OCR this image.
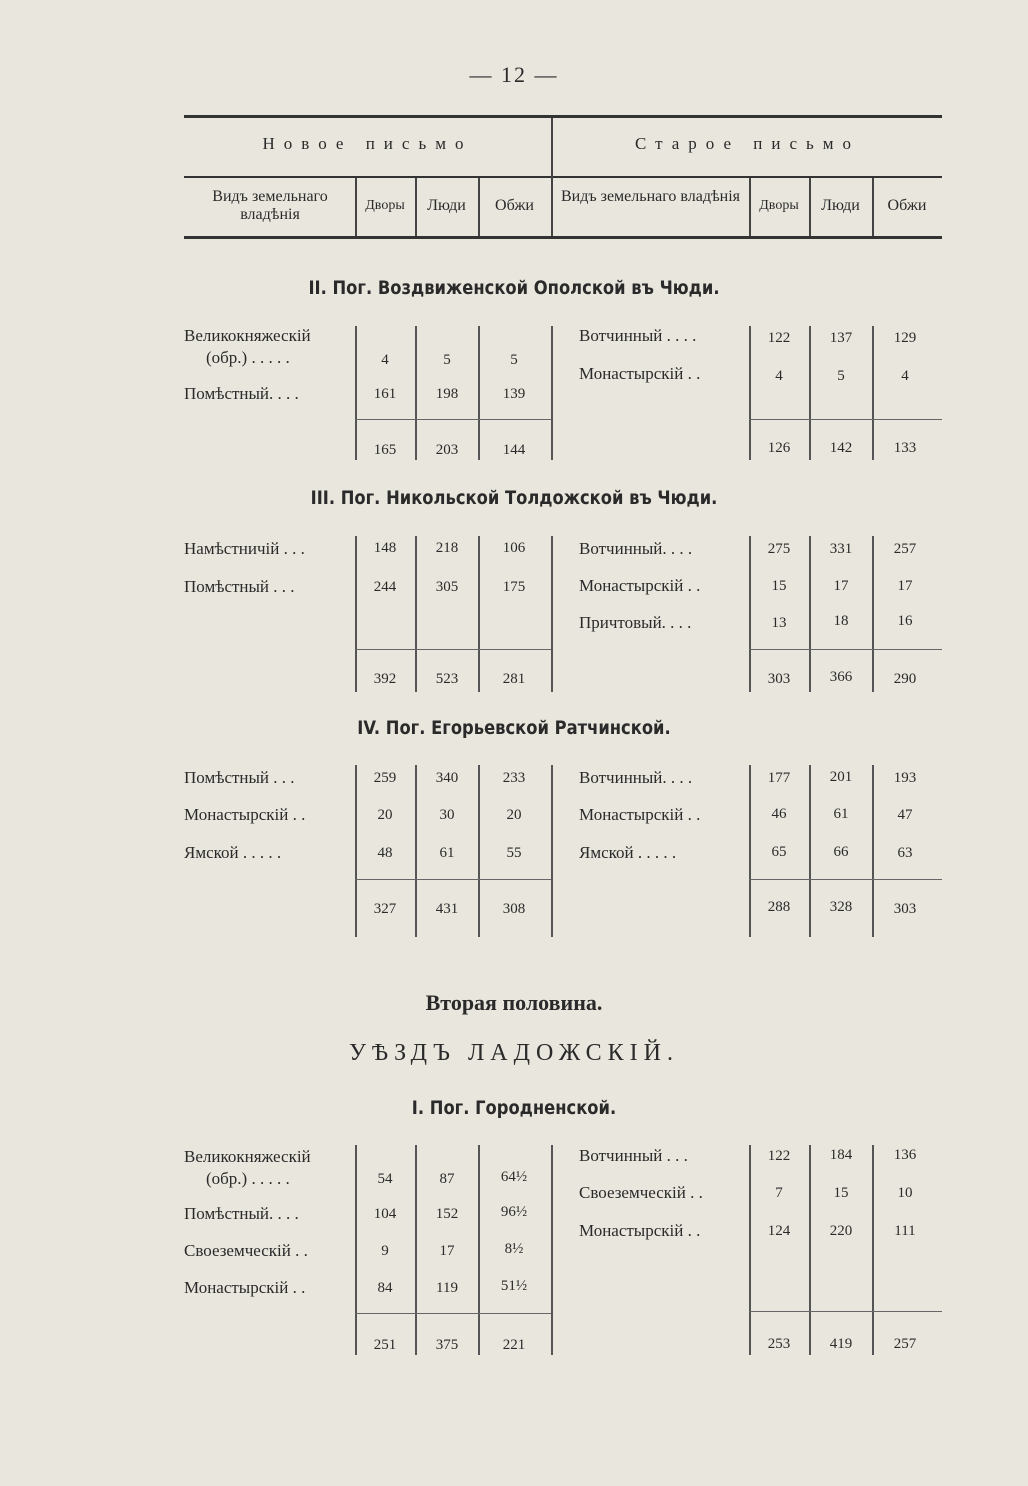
— 12 —
Новое письмо	Старое письмо
Видъ земельнаго владѣнія
Дворы	Люди	Обжи
Видъ земельнаго владѣнія
Дворы	Люди	Обжи
II. Пог. Воздвиженской Ополской въ Чюди.
Великокняжескій
(обр.) . . . . .	4	5	5
Помѣстный. . . .	161	198	139
165	203	144
Вотчинный . . . .	122	137	129
Монастырскій . .	4	5	4
126	142	133
III. Пог. Никольской Толдожской въ Чюди.
Намѣстничій . . .	148	218	106
Помѣстный . . .	244	305	175
392	523	281
Вотчинный. . . .	275	331	257
Монастырскій . .	15	17	17
Причтовый. . . .	13	18	16
303	366	290
IV. Пог. Егорьевской Ратчинской.
Помѣстный . . .	259	340	233
Монастырскій . .	20	30	20
Ямской . . . . .	48	61	55
327	431	308
Вотчинный. . . .	177	201	193
Монастырскій . .	46	61	47
Ямской . . . . .	65	66	63
288	328	303
Вторая половина.
УѢЗДЪ ЛАДОЖСКІЙ.
I. Пог. Городненской.
Великокняжескій
(обр.) . . . . .	54	87	64½
Помѣстный. . . .	104	152	96½
Своеземческій . .	9	17	8½
Монастырскій . .	84	119	51½
251	375	221
Вотчинный . . .	122	184	136
Своеземческій . .	7	15	10
Монастырскій . .	124	220	111
253	419	257
